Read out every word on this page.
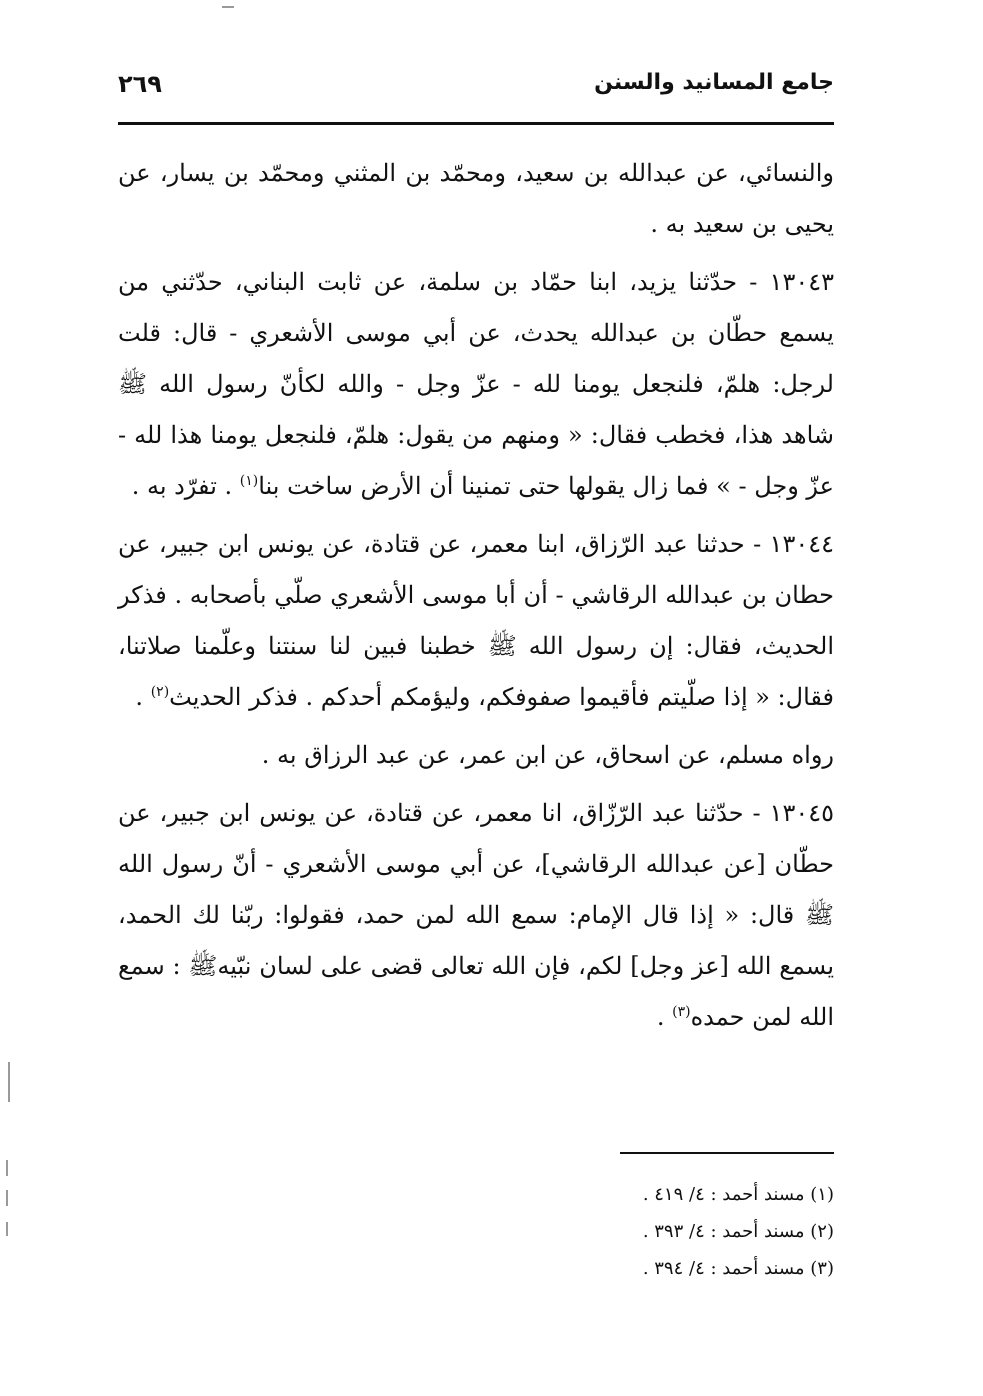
جامع المسانيد والسنن
٢٦٩

والنسائي، عن عبدالله بن سعيد، ومحمّد بن المثني ومحمّد بن يسار، عن يحيى بن سعيد به .

١٣٠٤٣ - حدّثنا يزيد، ابنا حمّاد بن سلمة، عن ثابت البناني، حدّثني من يسمع حطّان بن عبدالله يحدث، عن أبي موسى الأشعري - قال: قلت لرجل: هلمّ، فلنجعل يومنا لله - عزّ وجل - والله لكأنّ رسول الله ﷺ شاهد هذا، فخطب فقال: « ومنهم من يقول: هلمّ، فلنجعل يومنا هذا لله - عزّ وجل - » فما زال يقولها حتى تمنينا أن الأرض ساخت بنا$^{(١)}$ . تفرّد به .

١٣٠٤٤ - حدثنا عبد الرّزاق، ابنا معمر، عن قتادة، عن يونس ابن جبير، عن حطان بن عبدالله الرقاشي - أن أبا موسى الأشعري صلّي بأصحابه . فذكر الحديث، فقال: إن رسول الله ﷺ خطبنا فبين لنا سنتنا وعلّمنا صلاتنا، فقال: « إذا صلّيتم فأقيموا صفوفكم، وليؤمكم أحدكم . فذكر الحديث$^{(٢)}$ .

رواه مسلم، عن اسحاق، عن ابن عمر، عن عبد الرزاق به .

١٣٠٤٥ - حدّثنا عبد الرّزّاق، انا معمر، عن قتادة، عن يونس ابن جبير، عن حطّان [عن عبدالله الرقاشي]، عن أبي موسى الأشعري - أنّ رسول الله ﷺ قال: « إذا قال الإمام: سمع الله لمن حمد، فقولوا: ربّنا لك الحمد، يسمع الله [عز وجل] لكم، فإن الله تعالى قضى على لسان نبّيهﷺ : سمع الله لمن حمده$^{(٣)}$ .

(١) مسند أحمد : ٤/ ٤١٩ .
(٢) مسند أحمد : ٤/ ٣٩٣ .
(٣) مسند أحمد : ٤/ ٣٩٤ .
